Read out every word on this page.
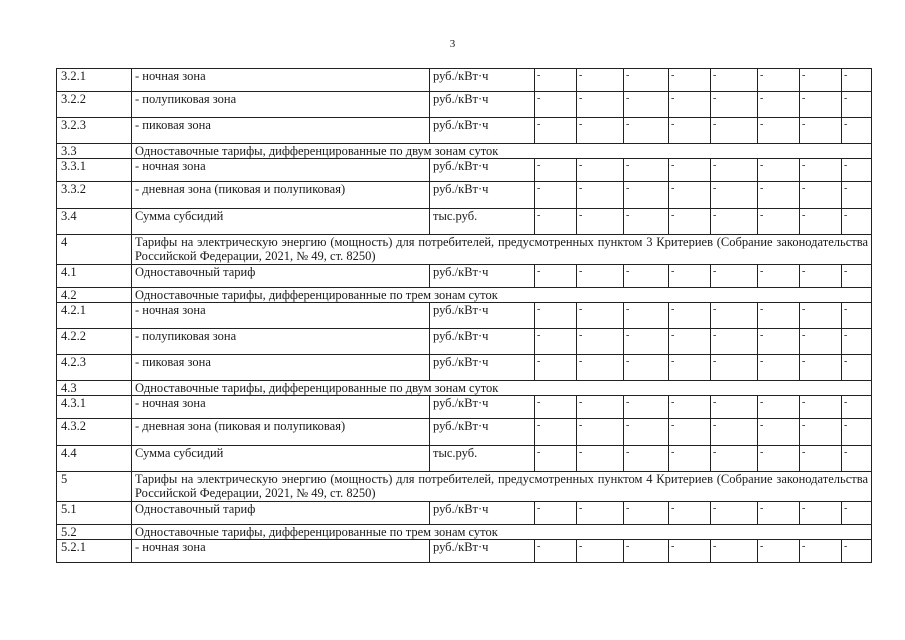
3
3.2.1	- ночная зона	руб./кВт·ч	-	-	-	-	-	-	-	-
3.2.2	- полупиковая зона	руб./кВт·ч	-	-	-	-	-	-	-	-
3.2.3	- пиковая зона	руб./кВт·ч	-	-	-	-	-	-	-	-
3.3	Одноставочные тарифы, дифференцированные по двум зонам суток									
3.3.1	- ночная зона	руб./кВт·ч	-	-	-	-	-	-	-	-
3.3.2	- дневная зона (пиковая и полупиковая)	руб./кВт·ч	-	-	-	-	-	-	-	-
3.4	Сумма субсидий	тыс.руб.	-	-	-	-	-	-	-	-
4	Тарифы на электрическую энергию (мощность) для потребителей, предусмотренных пунктом 3 Критериев (Собрание законодательства Российской Федерации, 2021, № 49, ст. 8250)									
4.1	Одноставочный тариф	руб./кВт·ч	-	-	-	-	-	-	-	-
4.2	Одноставочные тарифы, дифференцированные по трем зонам суток									
4.2.1	- ночная зона	руб./кВт·ч	-	-	-	-	-	-	-	-
4.2.2	- полупиковая зона	руб./кВт·ч	-	-	-	-	-	-	-	-
4.2.3	- пиковая зона	руб./кВт·ч	-	-	-	-	-	-	-	-
4.3	Одноставочные тарифы, дифференцированные по двум зонам суток									
4.3.1	- ночная зона	руб./кВт·ч	-	-	-	-	-	-	-	-
4.3.2	- дневная зона (пиковая и полупиковая)	руб./кВт·ч	-	-	-	-	-	-	-	-
4.4	Сумма субсидий	тыс.руб.	-	-	-	-	-	-	-	-
5	Тарифы на электрическую энергию (мощность) для потребителей, предусмотренных пунктом 4 Критериев (Собрание законодательства Российской Федерации, 2021, № 49, ст. 8250)									
5.1	Одноставочный тариф	руб./кВт·ч	-	-	-	-	-	-	-	-
5.2	Одноставочные тарифы, дифференцированные по трем зонам суток									
5.2.1	- ночная зона	руб./кВт·ч	-	-	-	-	-	-	-	-
